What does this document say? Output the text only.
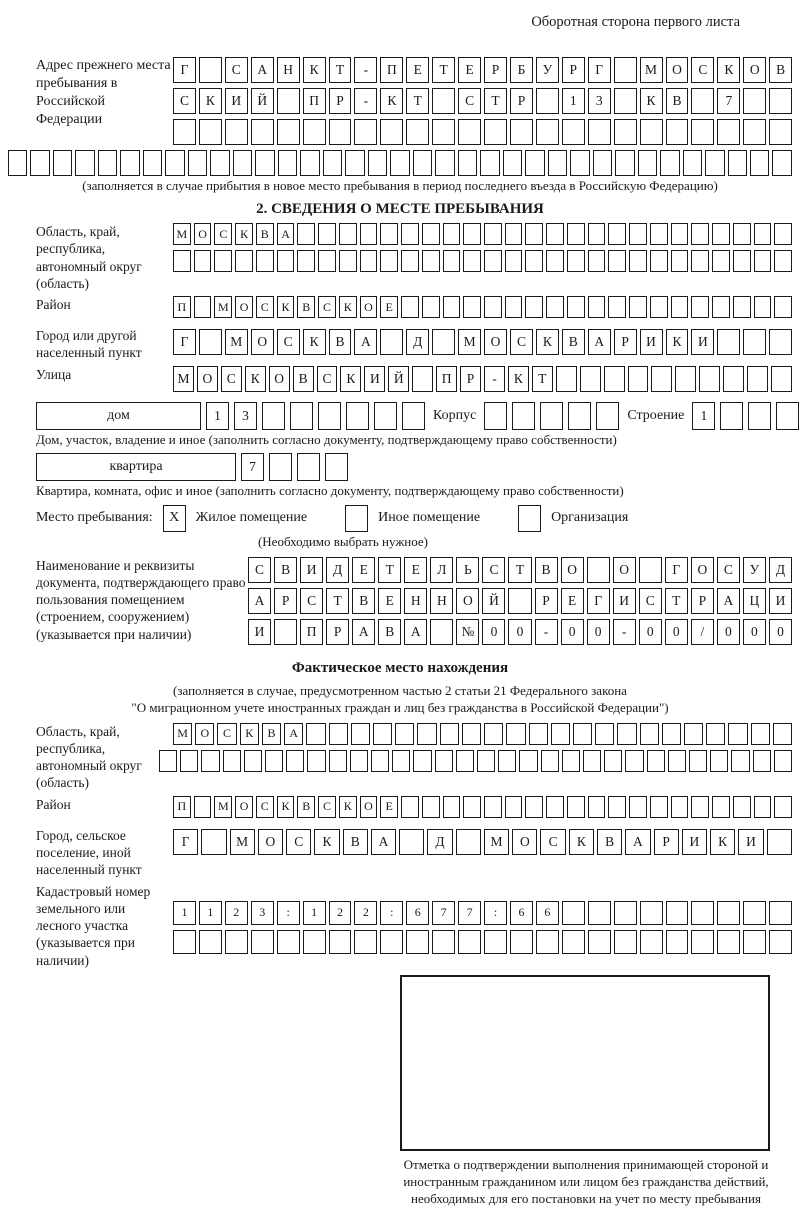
Оборотная сторона первого листа
Адрес прежнего места пребывания в Российской Федерации
Г	С	А	Н	К	Т	-	П	Е	Т	Е	Р	Б	У	Р	Г	М	О	С	К	О	В
С	К	И	Й	П	Р	-	К	Т	С	Т	Р	1	3	К	В	7
(заполняется в случае прибытия в новое место пребывания в период последнего въезда в Российскую Федерацию)
2. СВЕДЕНИЯ О МЕСТЕ ПРЕБЫВАНИЯ
Область, край, республика, автономный округ (область)
М О	С	К	В	А
Район	П	М О	С	К	В	С	К	О	Е
Город или другой населенный пункт
Г	М	О	С	К	В	А	Д	М	О	С	К	В	А	Р	И	К	И
Улица	М О	С	К	О	В	С	К	И	Й	П	Р	-	К	Т
дом	1	3	Корпус	Строение	1
Дом, участок, владение и иное (заполнить согласно документу, подтверждающему право собственности)
квартира	7
Квартира, комната, офис и иное (заполнить согласно документу, подтверждающему право собственности)
Место пребывания:	X	Жилое помещение	Иное помещение	Организация
(Необходимо выбрать нужное)
Наименование и реквизиты документа, подтверждающего право пользования помещением (строением, сооружением) (указывается при наличии)
С	В	И	Д	Е	Т	Е	Л	Ь	С	Т	В	О	О	Г	О	С	У	Д
А	Р	С	Т	В	Е	Н	Н	О	Й	Р	Е	Г	И	С	Т	Р	А	Ц	И
И	П	Р	А	В	А	№	0	0	-	0	0	-	0	0	/	0	0	0
Фактическое место нахождения
(заполняется в случае, предусмотренном частью 2 статьи 21 Федерального закона
"О миграционном учете иностранных граждан и лиц без гражданства в Российской Федерации")
Область, край, республика, автономный округ (область)
М	О	С	К	В	А
Район	П	М О	С	К	В	С	К	О	Е
Город, сельское поселение, иной населенный пункт
Г	М	О	С	К	В	А	Д	М	О	С	К	В	А	Р	И	К	И
Кадастровый номер земельного или лесного участка (указывается при наличии)
1	1	2	3	:	1	2	2	:	6	7	7	:	6	6
Отметка о подтверждении выполнения принимающей стороной и иностранным гражданином или лицом без гражданства действий, необходимых для его постановки на учет по месту пребывания
